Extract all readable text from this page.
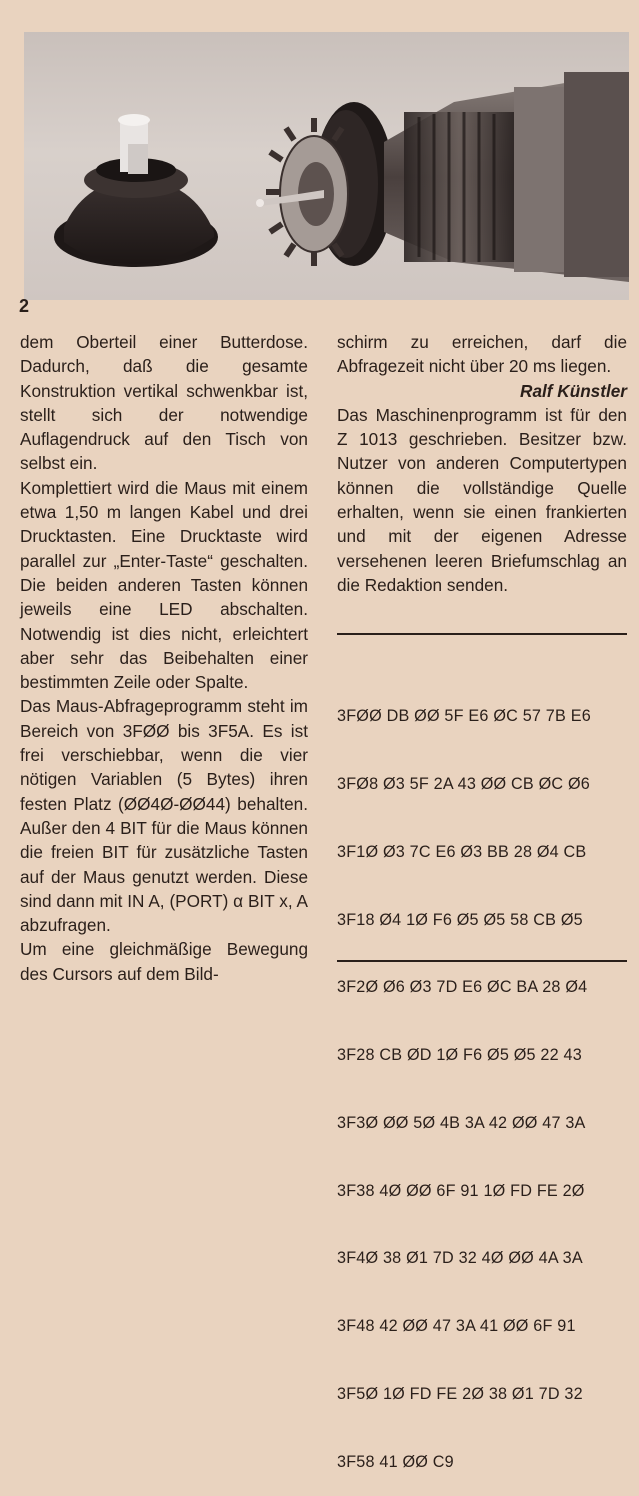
2

dem Oberteil einer Butterdose. Dadurch, daß die gesamte Konstruktion vertikal schwenkbar ist, stellt sich der notwendige Auflagendruck auf den Tisch von selbst ein.

Komplettiert wird die Maus mit einem etwa 1,50 m langen Kabel und drei Drucktasten. Eine Drucktaste wird parallel zur „Enter-Taste“ geschalten. Die beiden anderen Tasten können jeweils eine LED abschalten. Notwendig ist dies nicht, erleichtert aber sehr das Beibehalten einer bestimmten Zeile oder Spalte.

Das Maus-Abfrageprogramm steht im Bereich von 3FØØ bis 3F5A. Es ist frei verschiebbar, wenn die vier nötigen Variablen (5 Bytes) ihren festen Platz (ØØ4Ø-ØØ44) behalten. Außer den 4 BIT für die Maus können die freien BIT für zusätzliche Tasten auf der Maus genutzt werden. Diese sind dann mit IN A, (PORT) α BIT x, A abzufragen.

Um eine gleichmäßige Bewegung des Cursors auf dem Bild-

schirm zu erreichen, darf die Abfragezeit nicht über 20 ms liegen.

Ralf Künstler

Das Maschinenprogramm ist für den Z 1013 geschrieben. Besitzer bzw. Nutzer von anderen Computertypen können die vollständige Quelle erhalten, wenn sie einen frankierten und mit der eigenen Adresse versehenen leeren Briefumschlag an die Redaktion senden.

3FØØ DB ØØ 5F E6 ØC 57 7B E6

3FØ8 Ø3 5F 2A 43 ØØ CB ØC Ø6

3F1Ø Ø3 7C E6 Ø3 BB 28 Ø4 CB

3F18 Ø4 1Ø F6 Ø5 Ø5 58 CB Ø5

3F2Ø Ø6 Ø3 7D E6 ØC BA 28 Ø4

3F28 CB ØD 1Ø F6 Ø5 Ø5 22 43

3F3Ø ØØ 5Ø 4B 3A 42 ØØ 47 3A

3F38 4Ø ØØ 6F 91 1Ø FD FE 2Ø

3F4Ø 38 Ø1 7D 32 4Ø ØØ 4A 3A

3F48 42 ØØ 47 3A 41 ØØ 6F 91

3F5Ø 1Ø FD FE 2Ø 38 Ø1 7D 32

3F58 41 ØØ C9
